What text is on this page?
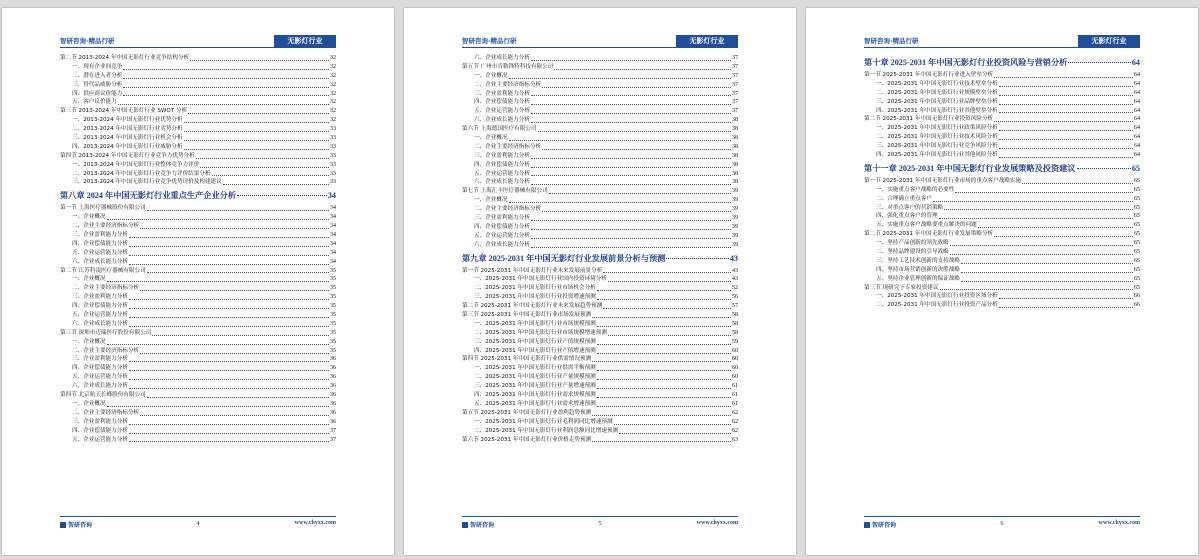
智研咨询·精品行研	无影灯行业
第二节 2013-2024 年中国无影灯行业竞争结构分析	32
一、现有企业间竞争	32
二、潜在进入者分析	32
三、替代品威胁分析	32
四、供应商议价能力	32
五、客户议价能力	32
第三节 2013-2024 年中国无影灯行业 SWOT 分析	32
一、2013-2024 年中国无影灯行业优势分析	32
二、2013-2024 年中国无影灯行业劣势分析	33
三、2013-2024 年中国无影灯行业机会分析	33
四、2013-2024 年中国无影灯行业威胁分析	33
第四节 2013-2024 年中国无影灯行业竞争力优势分析	33
一、2013-2024 年中国无影灯行业整体竞争力评价	33
二、2013-2024 年中国无影灯行业竞争力评价结果分析	33
三、2013-2024 年中国无影灯行业竞争优势评价及构建建议	33
第八章 2024 年中国无影灯行业重点生产企业分析	34
第一节 上海医疗器械股份有限公司	34
一、企业概况	34
二、企业主要经济指标分析	34
三、企业盈利能力分析	34
四、企业偿债能力分析	34
五、企业运营能力分析	34
六、企业成长能力分析	34
第二节 江苏科凌医疗器械有限公司	35
一、企业概况	35
二、企业主要经济指标分析	35
三、企业盈利能力分析	35
四、企业偿债能力分析	35
五、企业运营能力分析	35
六、企业成长能力分析	35
第三节 深圳市迈瑞医疗股份有限公司	35
一、企业概况	35
二、企业主要经济指标分析	35
三、企业盈利能力分析	36
四、企业偿债能力分析	36
五、企业运营能力分析	36
六、企业成长能力分析	36
第四节 北京航天长峰股份有限公司	36
一、企业概况	36
二、企业主要经济指标分析	36
三、企业盈利能力分析	36
四、企业偿债能力分析	37
五、企业运营能力分析	37
智研咨询	4	www.chyxx.com
智研咨询·精品行研	无影灯行业
六、企业成长能力分析	37
第五节 广州市肯勒锋特科技有限公司	37
一、企业概况	37
二、企业主要经济指标分析	37
三、企业盈利能力分析	37
四、企业偿债能力分析	37
五、企业运营能力分析	37
六、企业成长能力分析	38
第六节 上海德国医疗有限公司	38
一、企业概况	38
二、企业主要经济指标分析	38
三、企业盈利能力分析	38
四、企业偿债能力分析	38
五、企业运营能力分析	38
六、企业成长能力分析	38
第七节 上海汇丰医疗器械有限公司	39
一、企业概况	39
二、企业主要经济指标分析	39
三、企业盈利能力分析	39
四、企业偿债能力分析	39
五、企业运营能力分析	39
六、企业成长能力分析	39
第九章 2025-2031 年中国无影灯行业发展前景分析与预测	43
第一节 2025-2031 年中国无影灯行业未来发展前景分析	43
一、2025-2031 年中国无影灯行业国内投资环境分析	43
二、2025-2031 年中国无影灯行业市场机会分析	52
三、2025-2031 年中国无影灯行业投资增速预测	56
第二节 2025-2031 年中国无影灯行业未来发展趋势预测	57
第三节 2025-2031 年中国无影灯行业市场发展预测	58
一、2025-2031 年中国无影灯行业市场规模预测	58
二、2025-2031 年中国无影灯行业市场规模增速预测	58
三、2025-2031 年中国无影灯行业产值规模预测	59
四、2025-2031 年中国无影灯行业产值增速预测	60
第四节 2025-2031 年中国无影灯行业供需情况预测	60
一、2025-2031 年中国无影灯行业供需平衡预测	60
二、2025-2031 年中国无影灯行业产量规模预测	60
三、2025-2031 年中国无影灯行业产量增速预测	61
四、2025-2031 年中国无影灯行业需求规模预测	61
五、2025-2031 年中国无影灯行业需求增速预测	61
第五节 2025-2031 年中国无影灯行业盈利趋势预测	62
一、2025-2031 年中国无影灯行业毛利润同比增速预测	62
二、2025-2031 年中国无影灯行业利润总额同比增速预测	62
第六节 2025-2031 年中国无影灯行业价格走势预测	63
智研咨询	5	www.chyxx.com
智研咨询·精品行研	无影灯行业
第十章 2025-2031 年中国无影灯行业投资风险与营销分析	64
第一节 2025-2031 年中国无影灯行业进入壁垒分析	64
一、2025-2031 年中国无影灯行业技术壁垒分析	64
二、2025-2031 年中国无影灯行业规模壁垒分析	64
三、2025-2031 年中国无影灯行业品牌壁垒分析	64
四、2025-2031 年中国无影灯行业其他壁垒分析	64
第二节 2025-2031 年中国无影灯行业投资风险分析	64
一、2025-2031 年中国无影灯行业政策风险分析	64
二、2025-2031 年中国无影灯行业技术风险分析	64
三、2025-2031 年中国无影灯行业竞争风险分析	64
四、2025-2031 年中国无影灯行业其他风险分析	64
第十一章 2025-2031 年中国无影灯行业发展策略及投资建议	65
第一节 2025-2031 年中国无影灯行业市场的重点客户战略实施	65
一、实施重点客户战略的必要性	65
二、合理确立重点客户	65
三、对重点客户的营销策略	65
四、强化重点客户的管理	65
五、实施重点客户战略要重点解决的问题	65
第二节 2025-2031 年中国无影灯行业发展策略分析	65
一、坚持产品创新的领先战略	65
二、坚持品牌建设的引导战略	65
三、坚持工艺技术创新的支持战略	65
四、坚持市场营销创新的决胜战略	65
五、坚持企业管理创新的保证战略	65
第三节 现研究下专家投资建议	65
一、2025-2031 年中国无影灯行业投资区域分析	66
二、2025-2031 年中国无影灯行业投资产品分析	66
智研咨询	6	www.chyxx.com
